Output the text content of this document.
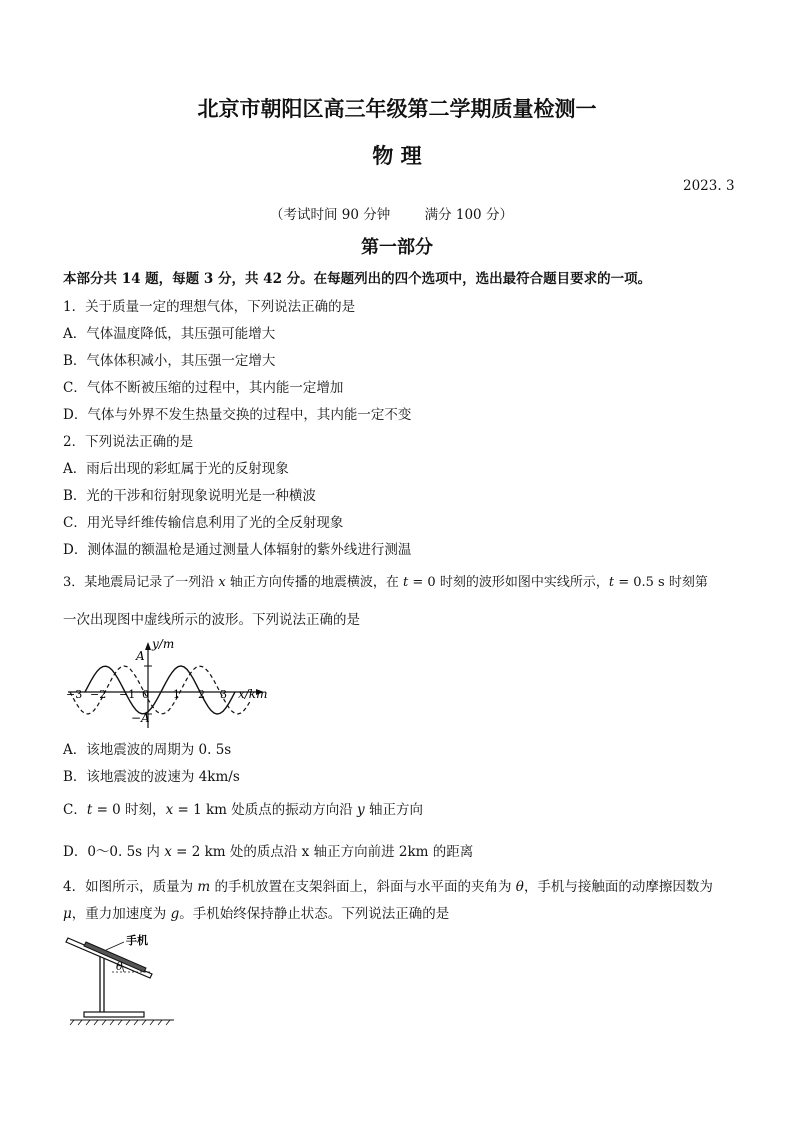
北京市朝阳区高三年级第二学期质量检测一
物 理
2023. 3
（考试时间 90 分钟        满分 100 分）
第一部分
本部分共 14 题，每题 3 分，共 42 分。在每题列出的四个选项中，选出最符合题目要求的一项。
1．关于质量一定的理想气体，下列说法正确的是
A．气体温度降低，其压强可能增大
B．气体体积减小，其压强一定增大
C．气体不断被压缩的过程中，其内能一定增加
D．气体与外界不发生热量交换的过程中，其内能一定不变
2．下列说法正确的是
A．雨后出现的彩虹属于光的反射现象
B．光的干涉和衍射现象说明光是一种横波
C．用光导纤维传输信息利用了光的全反射现象
D．测体温的额温枪是通过测量人体辐射的紫外线进行测温
3．某地震局记录了一列沿 x 轴正方向传播的地震横波，在 t = 0 时刻的波形如图中实线所示，t = 0.5 s 时刻第
一次出现图中虚线所示的波形。下列说法正确的是
A
−A
y/m
x/km
−3 −2 −1 0 1 2 3
A．该地震波的周期为 0. 5s
B．该地震波的波速为 4km/s
C．t = 0 时刻，x = 1 km 处质点的振动方向沿 y 轴正方向
D．0～0. 5s 内 x = 2 km 处的质点沿 x 轴正方向前进 2km 的距离
4．如图所示，质量为 m 的手机放置在支架斜面上，斜面与水平面的夹角为 θ，手机与接触面的动摩擦因数为
μ，重力加速度为 g。手机始终保持静止状态。下列说法正确的是
手机
θ
